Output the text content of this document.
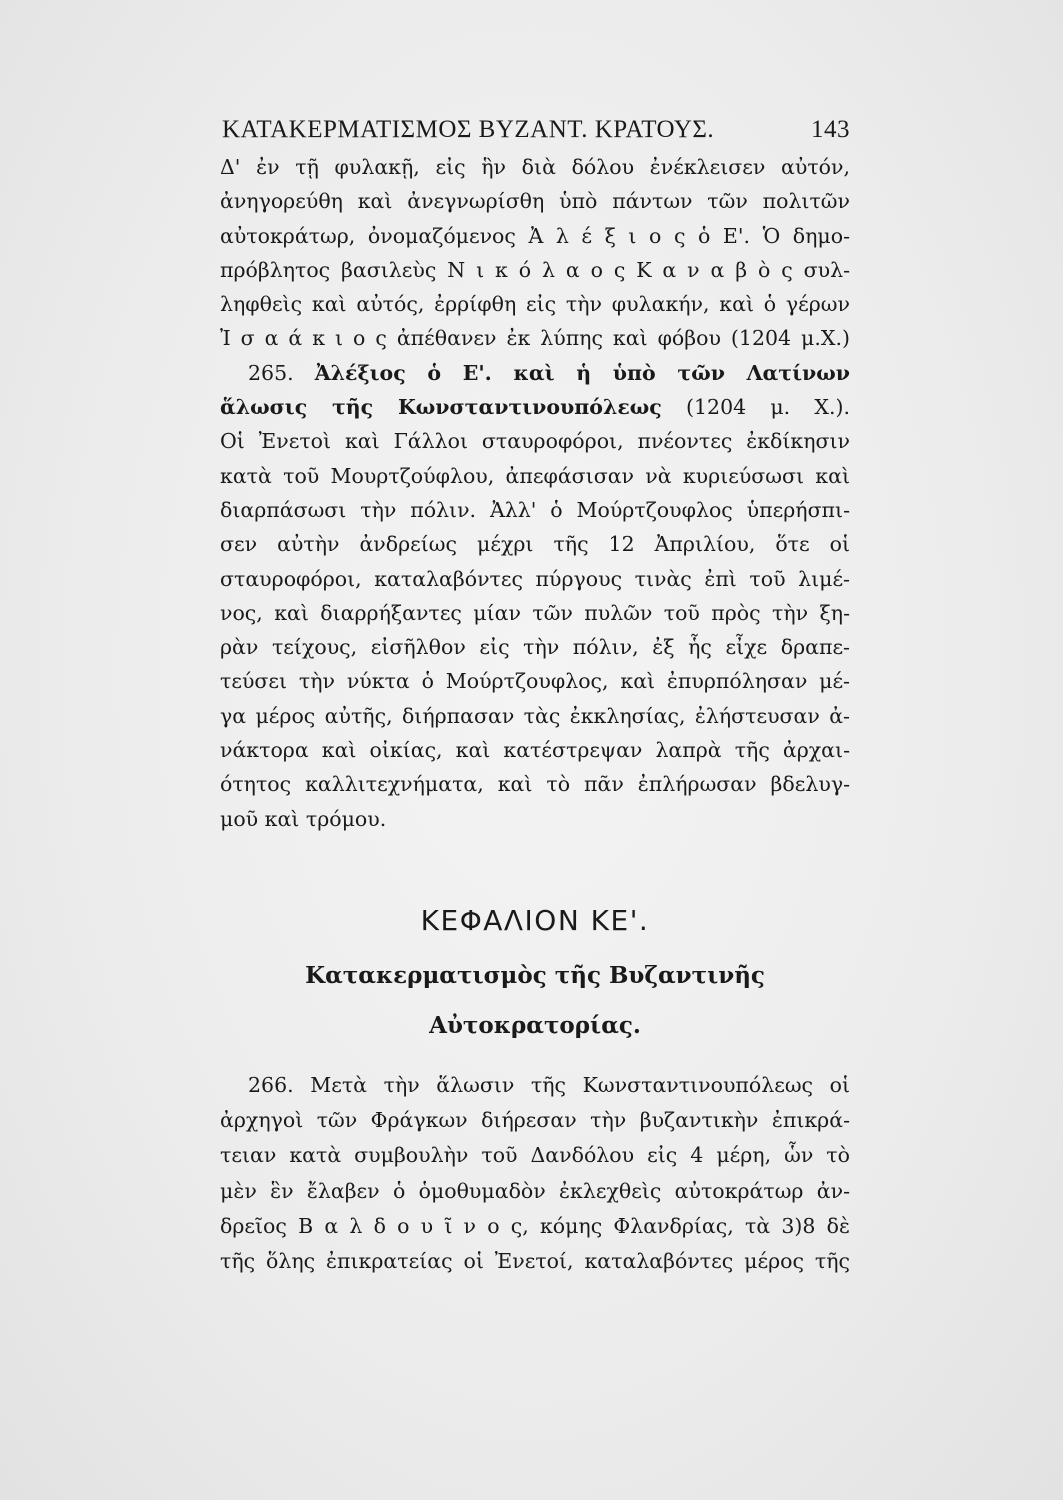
ΚΑΤΑΚΕΡΜΑΤΙΣΜΟΣ ΒΥΖΑΝΤ. ΚΡΑΤΟΥΣ.	143
Δ' ἐν τῇ φυλακῇ, εἰς ἣν διὰ δόλου ἐνέκλεισεν αὐτόν,
ἀνηγορεύθη καὶ ἀνεγνωρίσθη ὑπὸ πάντων τῶν πολιτῶν
αὐτοκράτωρ, ὀνομαζόμενος Ἀ λ έ ξ ι ο ς ὁ Ε'. Ὁ δημο-
πρόβλητος βασιλεὺς Ν ι κ ό λ α ο ς Κ α ν α β ὸ ς συλ-
ληφθεὶς καὶ αὐτός, ἐρρίφθη εἰς τὴν φυλακήν, καὶ ὁ γέρων
Ἰ σ α ά κ ι ο ς ἀπέθανεν ἐκ λύπης καὶ φόβου (1204 μ.Χ.)
265. Ἀλέξιος ὁ Ε'. καὶ ἡ ὑπὸ τῶν Λατίνων
ἅλωσις τῆς Κωνσταντινουπόλεως (1204 μ. Χ.).
Οἱ Ἐνετοὶ καὶ Γάλλοι σταυροφόροι, πνέοντες ἐκδίκησιν
κατὰ τοῦ Μουρτζούφλου, ἀπεφάσισαν νὰ κυριεύσωσι καὶ
διαρπάσωσι τὴν πόλιν. Ἀλλ' ὁ Μούρτζουφλος ὑπερήσπι-
σεν αὐτὴν ἀνδρείως μέχρι τῆς 12 Ἀπριλίου, ὅτε οἱ
σταυροφόροι, καταλαβόντες πύργους τινὰς ἐπὶ τοῦ λιμέ-
νος, καὶ διαρρήξαντες μίαν τῶν πυλῶν τοῦ πρὸς τὴν ξη-
ρὰν τείχους, εἰσῆλθον εἰς τὴν πόλιν, ἐξ ἧς εἶχε δραπε-
τεύσει τὴν νύκτα ὁ Μούρτζουφλος, καὶ ἐπυρπόλησαν μέ-
γα μέρος αὐτῆς, διήρπασαν τὰς ἐκκλησίας, ἐλήστευσαν ἀ-
νάκτορα καὶ οἰκίας, καὶ κατέστρεψαν λαπρὰ τῆς ἀρχαι-
ότητος καλλιτεχνήματα, καὶ τὸ πᾶν ἐπλήρωσαν βδελυγ-
μοῦ καὶ τρόμου.
ΚΕΦΑΛΙΟΝ ΚΕ'.
Κατακερματισμὸς τῆς Βυζαντινῆς
Αὐτοκρατορίας.
266. Μετὰ τὴν ἅλωσιν τῆς Κωνσταντινουπόλεως οἱ
ἀρχηγοὶ τῶν Φράγκων διήρεσαν τὴν βυζαντικὴν ἐπικρά-
τειαν κατὰ συμβουλὴν τοῦ Δανδόλου εἰς 4 μέρη, ὧν τὸ
μὲν ἓν ἔλαβεν ὁ ὁμοθυμαδὸν ἐκλεχθεὶς αὐτοκράτωρ ἀν-
δρεῖος Β α λ δ ο υ ῖ ν ο ς, κόμης Φλανδρίας, τὰ 3)8 δὲ
τῆς ὅλης ἐπικρατείας οἱ Ἐνετοί, καταλαβόντες μέρος τῆς
